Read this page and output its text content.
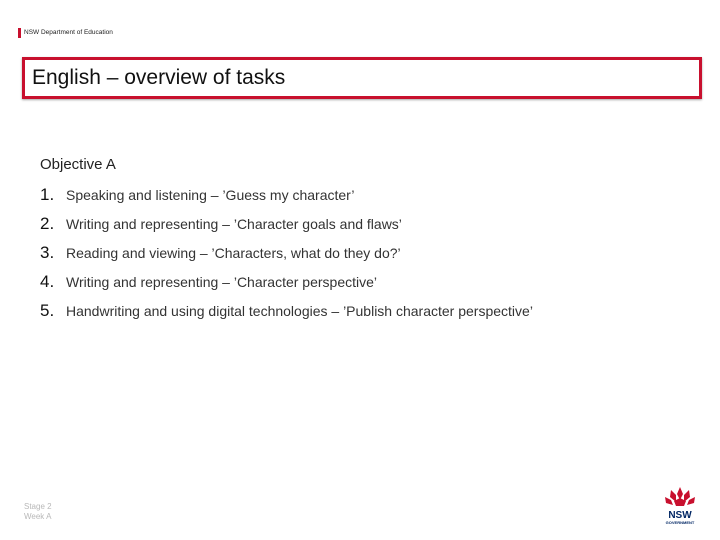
NSW Department of Education
English – overview of tasks
Objective A
1. Speaking and listening – ’Guess my character’
2. Writing and representing – ’Character goals and flaws’
3. Reading and viewing – ’Characters, what do they do?’
4. Writing and representing – ’Character perspective’
5. Handwriting and using digital technologies – ’Publish character perspective’
Stage 2
Week A	NSW
GOVERNMENT
